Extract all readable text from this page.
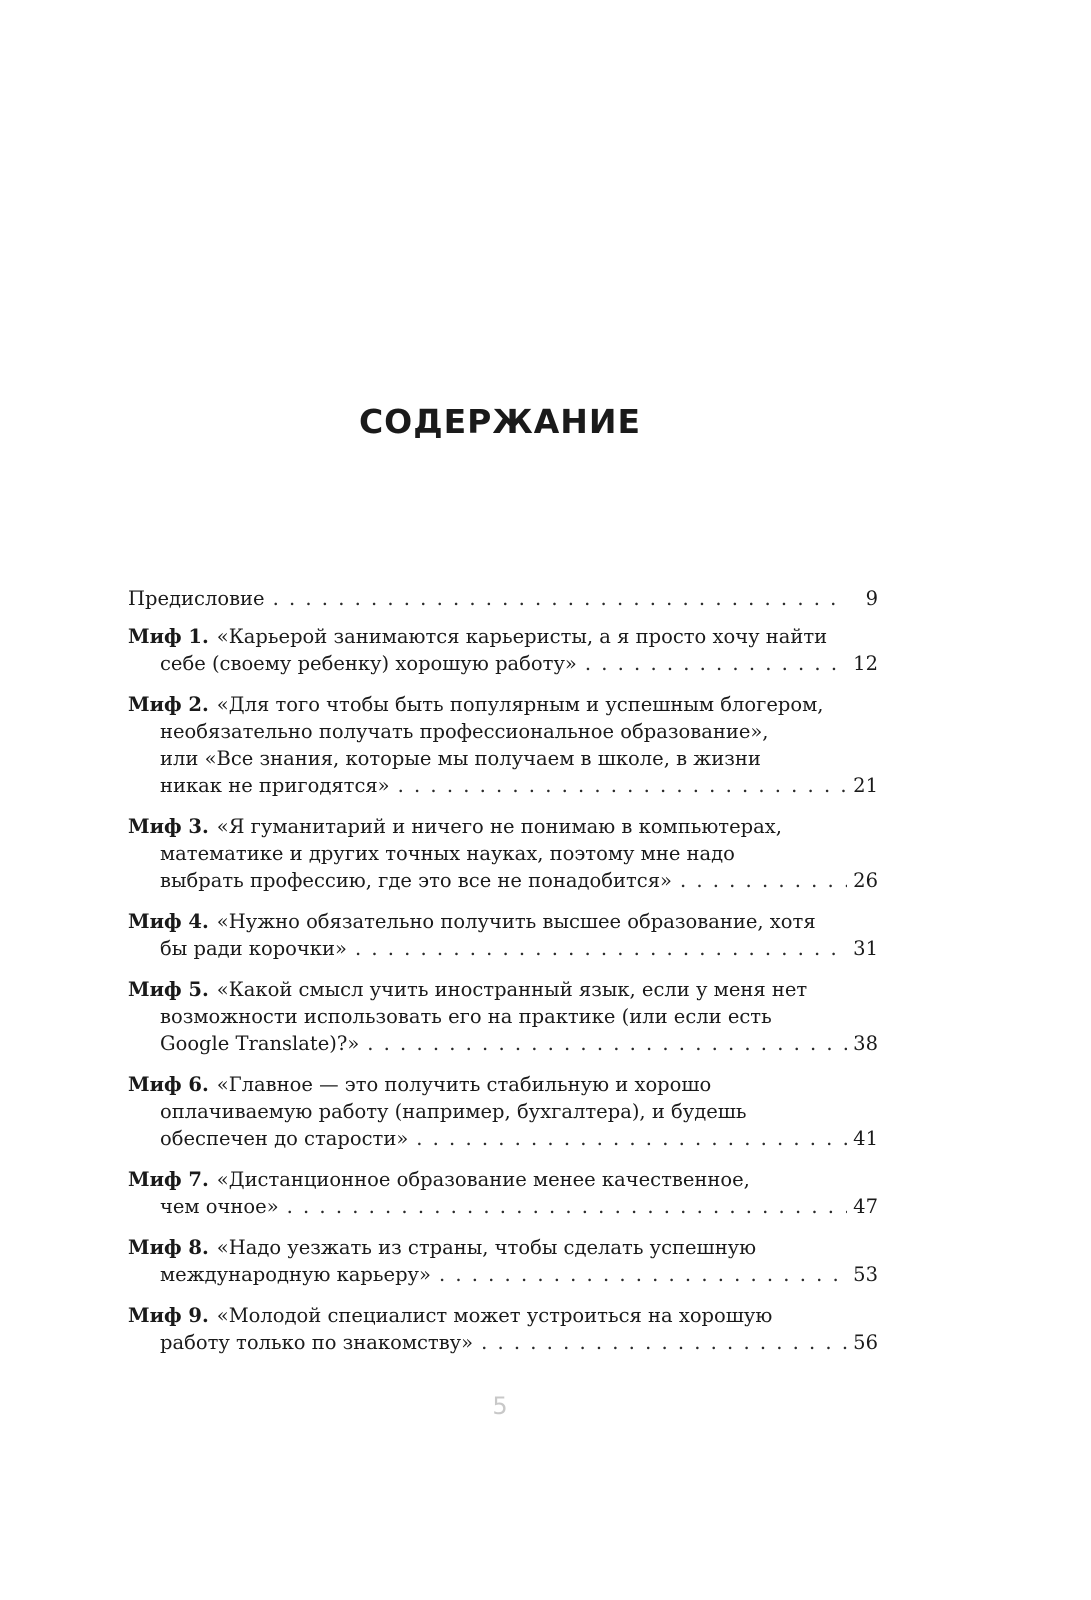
СОДЕРЖАНИЕ
Предисловие . . .	9
Миф 1. «Карьерой занимаются карьеристы, а я просто хочу найти
себе (своему ребенку) хорошую работу» . . .	12
Миф 2. «Для того чтобы быть популярным и успешным блогером,
необязательно получать профессиональное образование»,
или «Все знания, которые мы получаем в школе, в жизни
никак не пригодятся» . . .	21
Миф 3. «Я гуманитарий и ничего не понимаю в компьютерах,
математике и других точных науках, поэтому мне надо
выбрать профессию, где это все не понадобится» . . .	26
Миф 4. «Нужно обязательно получить высшее образование, хотя
бы ради корочки» . . .	31
Миф 5. «Какой смысл учить иностранный язык, если у меня нет
возможности использовать его на практике (или если есть
Google Translate)?» . . .	38
Миф 6. «Главное — это получить стабильную и хорошо
оплачиваемую работу (например, бухгалтера), и будешь
обеспечен до старости» . . .	41
Миф 7. «Дистанционное образование менее качественное,
чем очное» . . .	47
Миф 8. «Надо уезжать из страны, чтобы сделать успешную
международную карьеру» . . .	53
Миф 9. «Молодой специалист может устроиться на хорошую
работу только по знакомству» . . .	56
5
